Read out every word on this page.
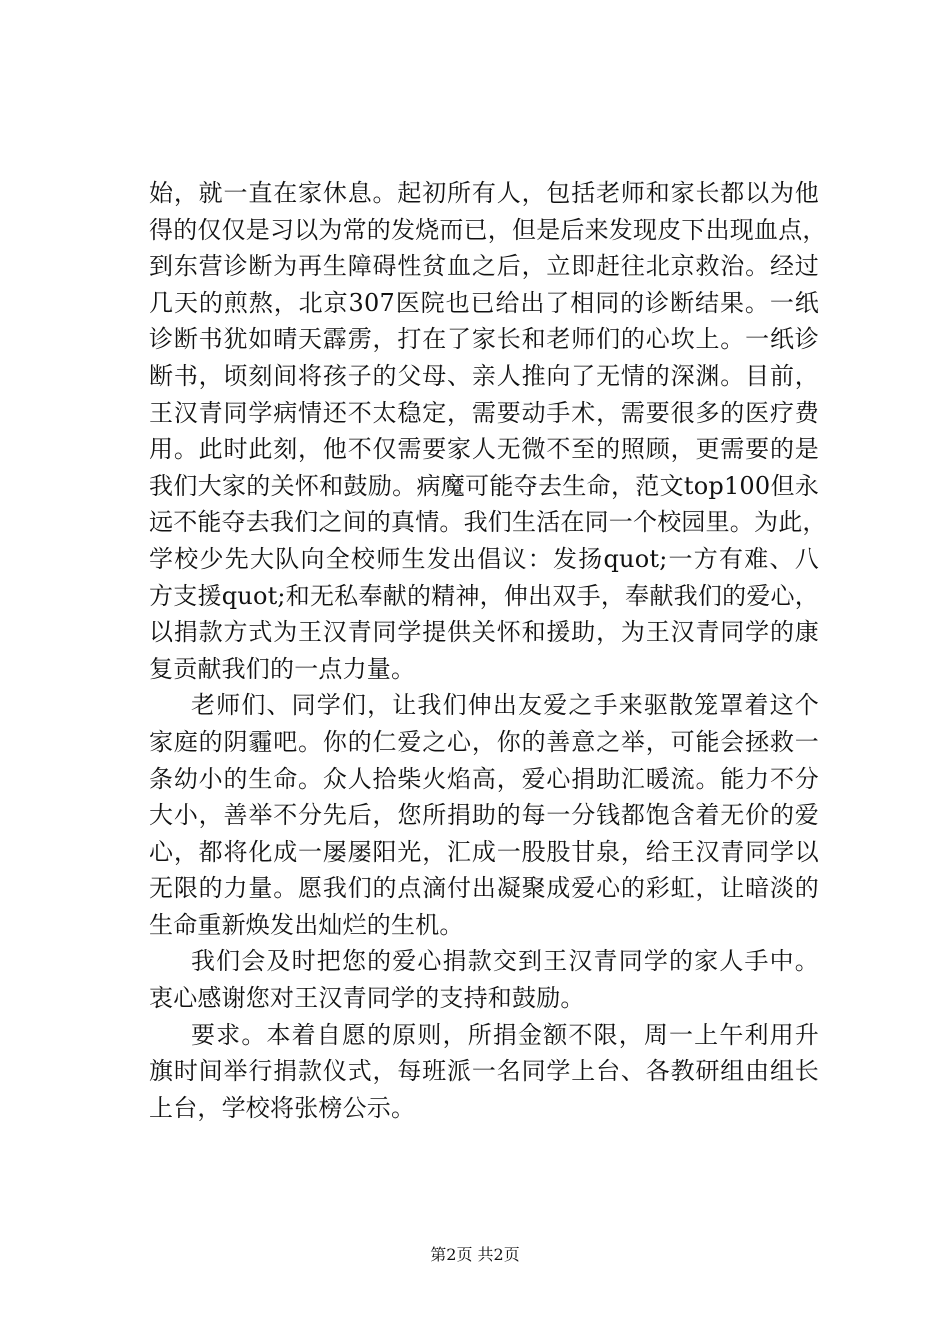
始，就一直在家休息。起初所有人，包括老师和家长都以为他
得的仅仅是习以为常的发烧而已，但是后来发现皮下出现血点，
到东营诊断为再生障碍性贫血之后，立即赶往北京救治。经过
几天的煎熬，北京307医院也已给出了相同的诊断结果。一纸
诊断书犹如晴天霹雳，打在了家长和老师们的心坎上。一纸诊
断书，顷刻间将孩子的父母、亲人推向了无情的深渊。目前，
王汉青同学病情还不太稳定，需要动手术，需要很多的医疗费
用。此时此刻，他不仅需要家人无微不至的照顾，更需要的是
我们大家的关怀和鼓励。病魔可能夺去生命，范文top100但永
远不能夺去我们之间的真情。我们生活在同一个校园里。为此，
学校少先大队向全校师生发出倡议：发扬quot;一方有难、八
方支援quot;和无私奉献的精神，伸出双手，奉献我们的爱心，
以捐款方式为王汉青同学提供关怀和援助，为王汉青同学的康
复贡献我们的一点力量。
老师们、同学们，让我们伸出友爱之手来驱散笼罩着这个
家庭的阴霾吧。你的仁爱之心，你的善意之举，可能会拯救一
条幼小的生命。众人拾柴火焰高，爱心捐助汇暖流。能力不分
大小，善举不分先后，您所捐助的每一分钱都饱含着无价的爱
心，都将化成一屡屡阳光，汇成一股股甘泉，给王汉青同学以
无限的力量。愿我们的点滴付出凝聚成爱心的彩虹，让暗淡的
生命重新焕发出灿烂的生机。
我们会及时把您的爱心捐款交到王汉青同学的家人手中。
衷心感谢您对王汉青同学的支持和鼓励。
要求。本着自愿的原则，所捐金额不限，周一上午利用升
旗时间举行捐款仪式，每班派一名同学上台、各教研组由组长
上台，学校将张榜公示。
第2页 共2页
